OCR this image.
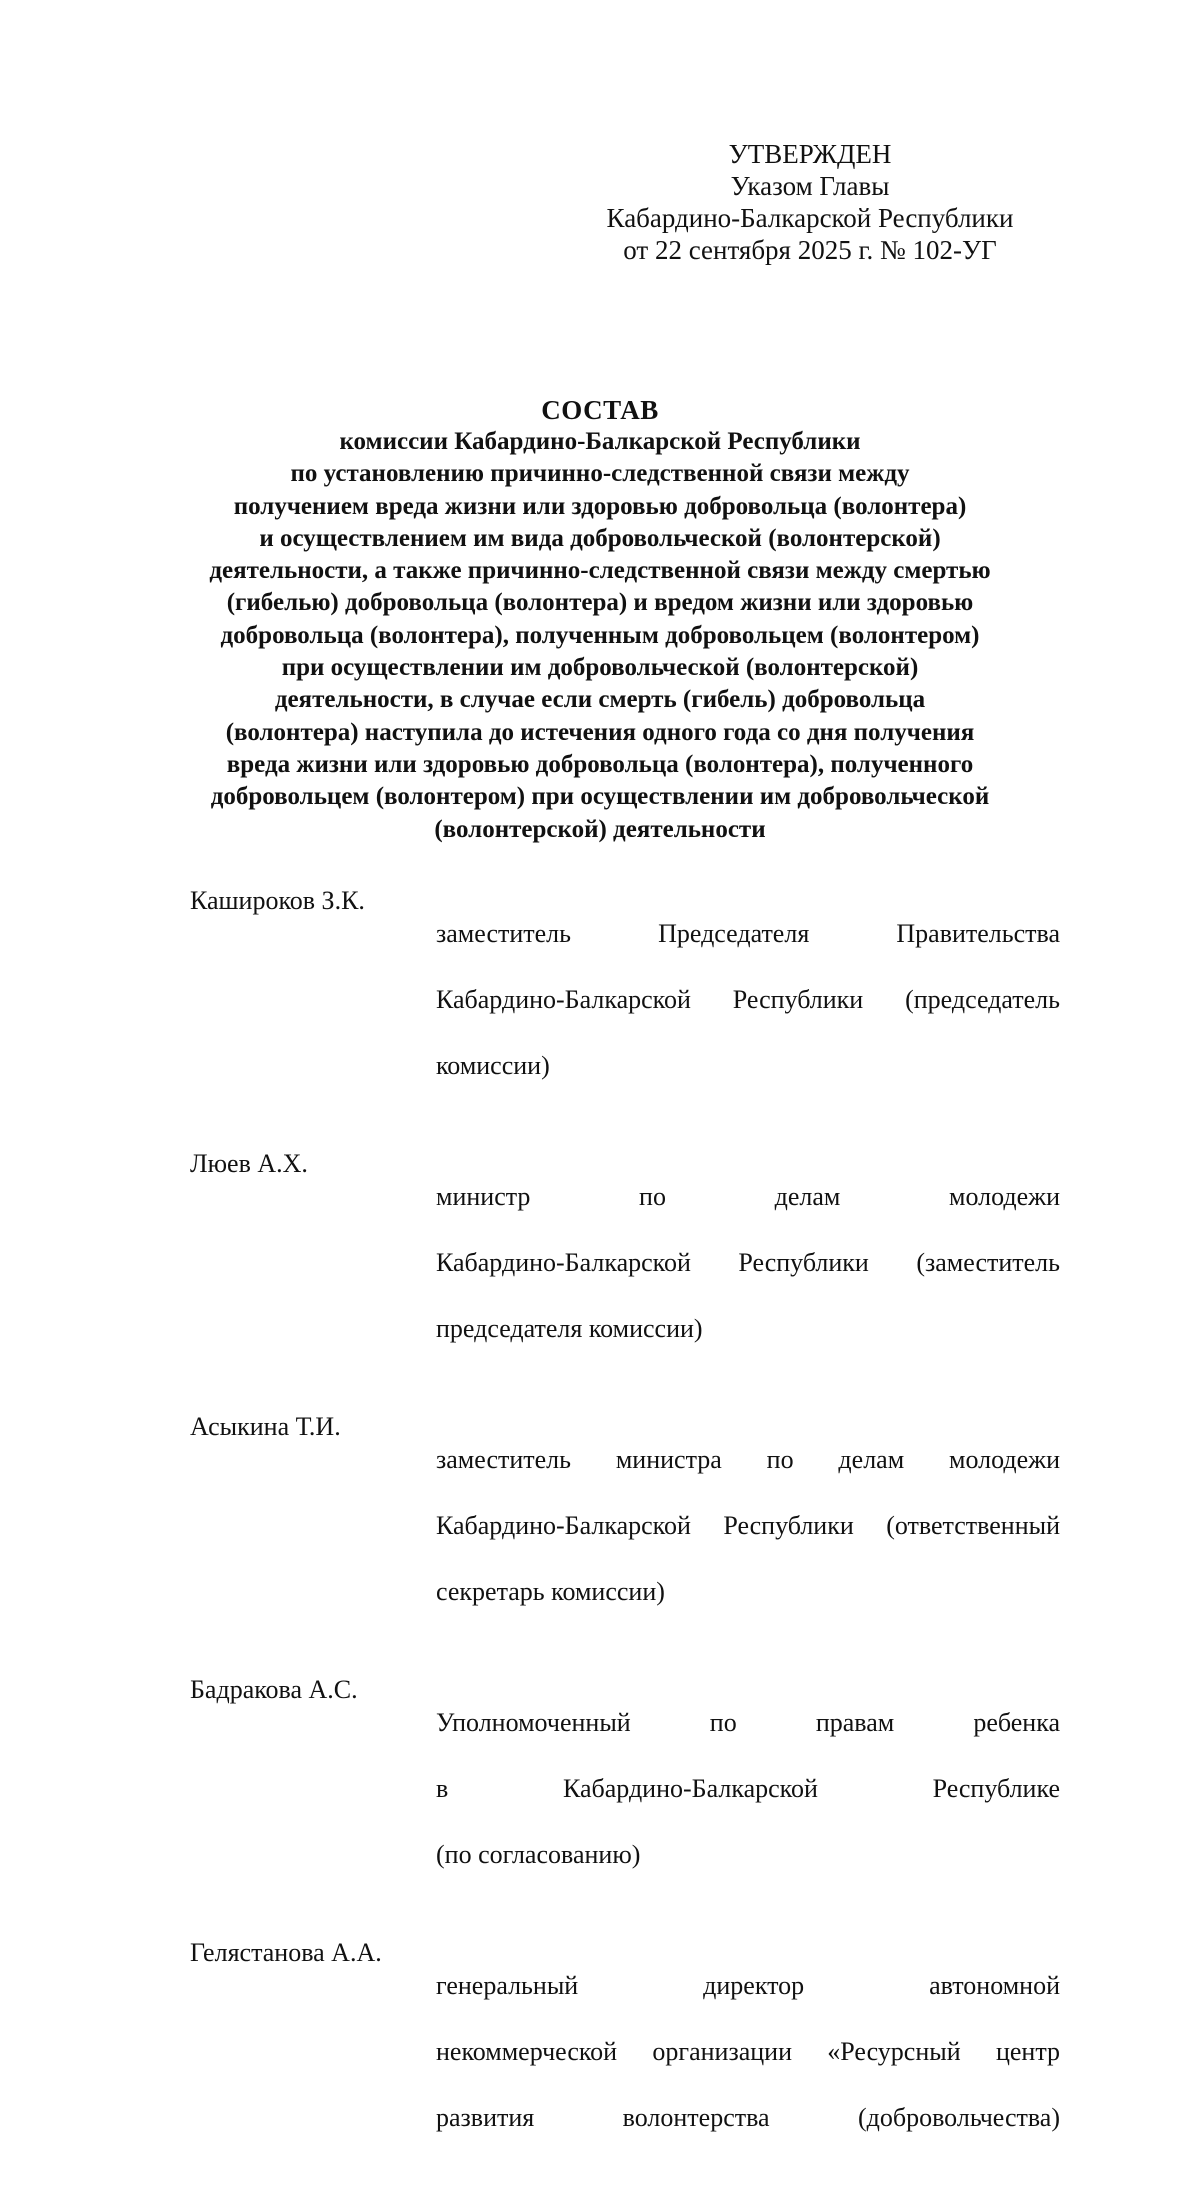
УТВЕРЖДЕН
Указом Главы
Кабардино-Балкарской Республики
от 22 сентября 2025 г. № 102-УГ
СОСТАВ
комиссии Кабардино-Балкарской Республики
по установлению причинно-следственной связи между
получением вреда жизни или здоровью добровольца (волонтера)
и осуществлением им вида добровольческой (волонтерской)
деятельности, а также причинно-следственной связи между смертью
(гибелью) добровольца (волонтера) и вредом жизни или здоровью
добровольца (волонтера), полученным добровольцем (волонтером)
при осуществлении им добровольческой (волонтерской)
деятельности, в случае если смерть (гибель) добровольца
(волонтера) наступила до истечения одного года со дня получения
вреда жизни или здоровью добровольца (волонтера), полученного
добровольцем (волонтером) при осуществлении им добровольческой
(волонтерской) деятельности
Кашироков З.К.

заместитель Председателя Правительства

Кабардино-Балкарской Республики (председатель

комиссии)

Люев А.Х.

министр по делам молодежи

Кабардино-Балкарской Республики (заместитель

председателя комиссии)

Асыкина Т.И.

заместитель министра по делам молодежи

Кабардино-Балкарской Республики (ответственный

секретарь комиссии)

Бадракова А.С.

Уполномоченный по правам ребенка

в Кабардино-Балкарской Республике

(по согласованию)

Гелястанова А.А.

генеральный директор автономной

некоммерческой организации «Ресурсный центр

развития волонтерства (добровольчества)
